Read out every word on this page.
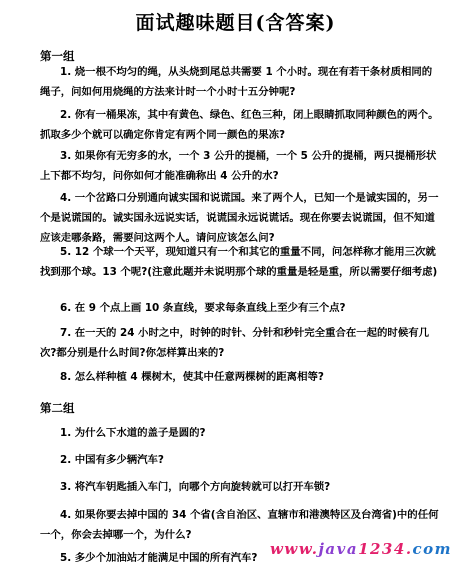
面试趣味题目(含答案)
第一组
1. 烧一根不均匀的绳，从头烧到尾总共需要 1 个小时。现在有若干条材质相同的绳子，问如何用烧绳的方法来计时一个小时十五分钟呢?
2. 你有一桶果冻，其中有黄色、绿色、红色三种，闭上眼睛抓取同种颜色的两个。抓取多少个就可以确定你肯定有两个同一颜色的果冻?
3. 如果你有无穷多的水，一个 3 公升的提桶，一个 5 公升的提桶，两只提桶形状上下都不均匀，问你如何才能准确称出 4 公升的水?
4. 一个岔路口分别通向诚实国和说谎国。来了两个人，已知一个是诚实国的，另一个是说谎国的。诚实国永远说实话，说谎国永远说谎话。现在你要去说谎国，但不知道应该走哪条路，需要问这两个人。请问应该怎么问?
5. 12 个球一个天平，现知道只有一个和其它的重量不同，问怎样称才能用三次就找到那个球。13 个呢?(注意此题并未说明那个球的重量是轻是重，所以需要仔细考虑)
6. 在 9 个点上画 10 条直线，要求每条直线上至少有三个点?
7. 在一天的 24 小时之中，时钟的时针、分针和秒针完全重合在一起的时候有几次?都分别是什么时间?你怎样算出来的?
8. 怎么样种植 4 棵树木，使其中任意两棵树的距离相等?
第二组
1. 为什么下水道的盖子是圆的?
2. 中国有多少辆汽车?
3. 将汽车钥匙插入车门，向哪个方向旋转就可以打开车锁?
4. 如果你要去掉中国的 34 个省(含自治区、直辖市和港澳特区及台湾省)中的任何一个，你会去掉哪一个，为什么?
5. 多少个加油站才能满足中国的所有汽车? www.java1234.com
